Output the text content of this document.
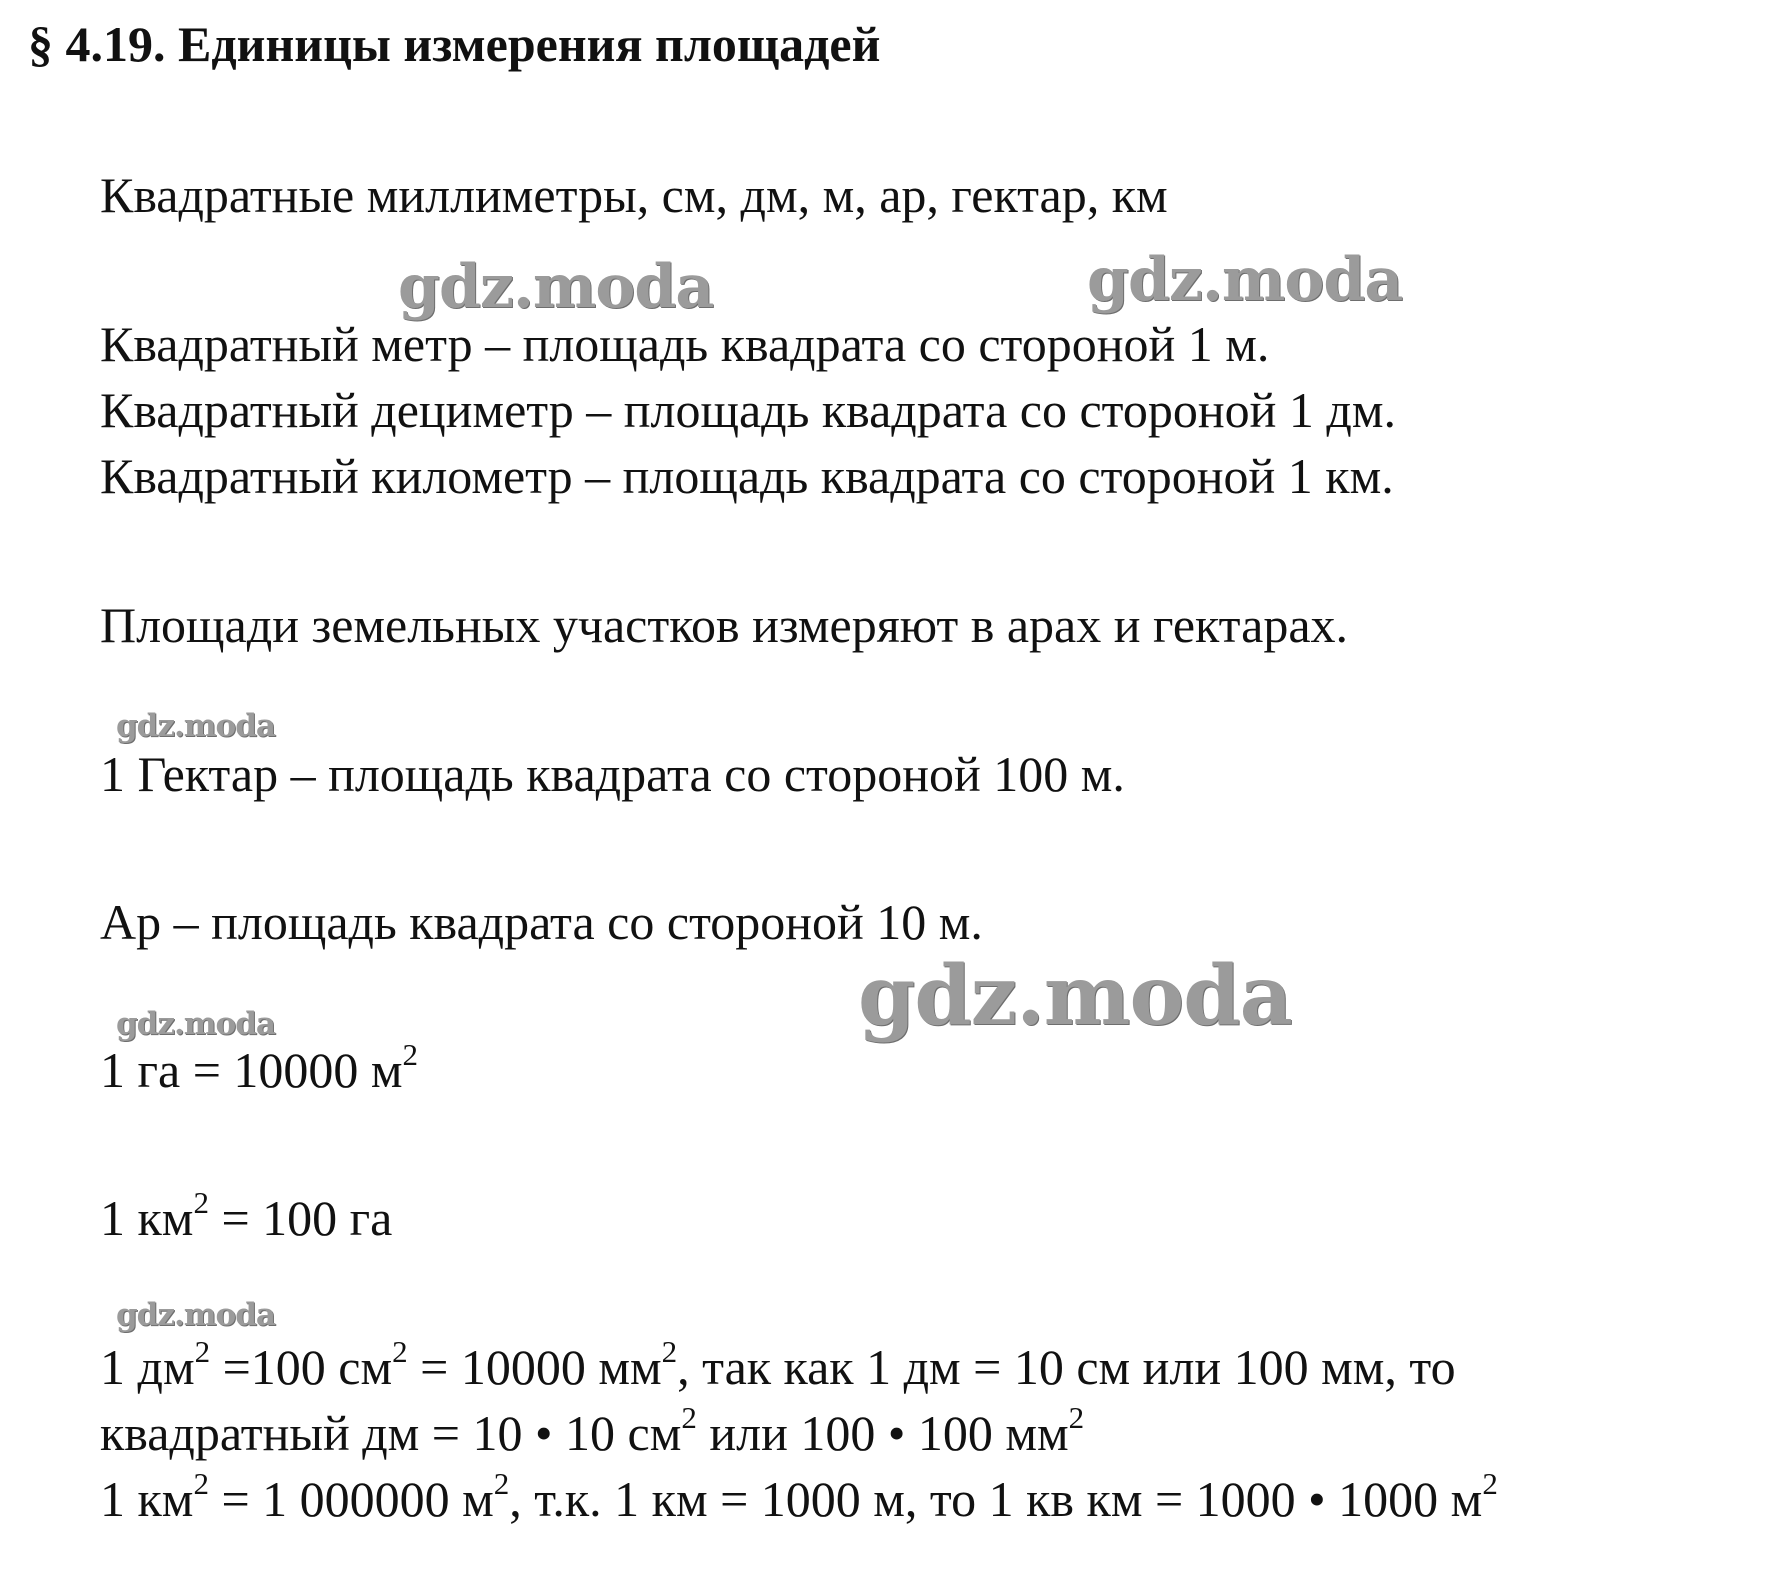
§ 4.19. Единицы измерения площадей
Квадратные миллиметры, см, дм, м, ар, гектар, км
gdz.moda	gdz.moda
Квадратный метр – площадь квадрата со стороной 1 м.
Квадратный дециметр – площадь квадрата со стороной 1 дм.
Квадратный километр – площадь квадрата со стороной 1 км.
Площади земельных участков измеряют в арах и гектарах.
gdz.moda
1 Гектар – площадь квадрата со стороной 100 м.
Ар – площадь квадрата со стороной 10 м.
gdz.moda
gdz.moda
1 га = 10000 $м^2$
1 $км^2 = 100$ га
gdz.moda
1 $дм^2 =100$ $см^2 = 10000$ $мм^2$, так как 1 дм = 10 см или 100 мм, то
квадратный дм = 10 • 10 $см^2$ или 100 • 100 $мм^2$
1 $км^2 = 1$ 000000 $м^2$, т.к. 1 км = 1000 м, то 1 кв км = 1000 • 1000 $м^2$
